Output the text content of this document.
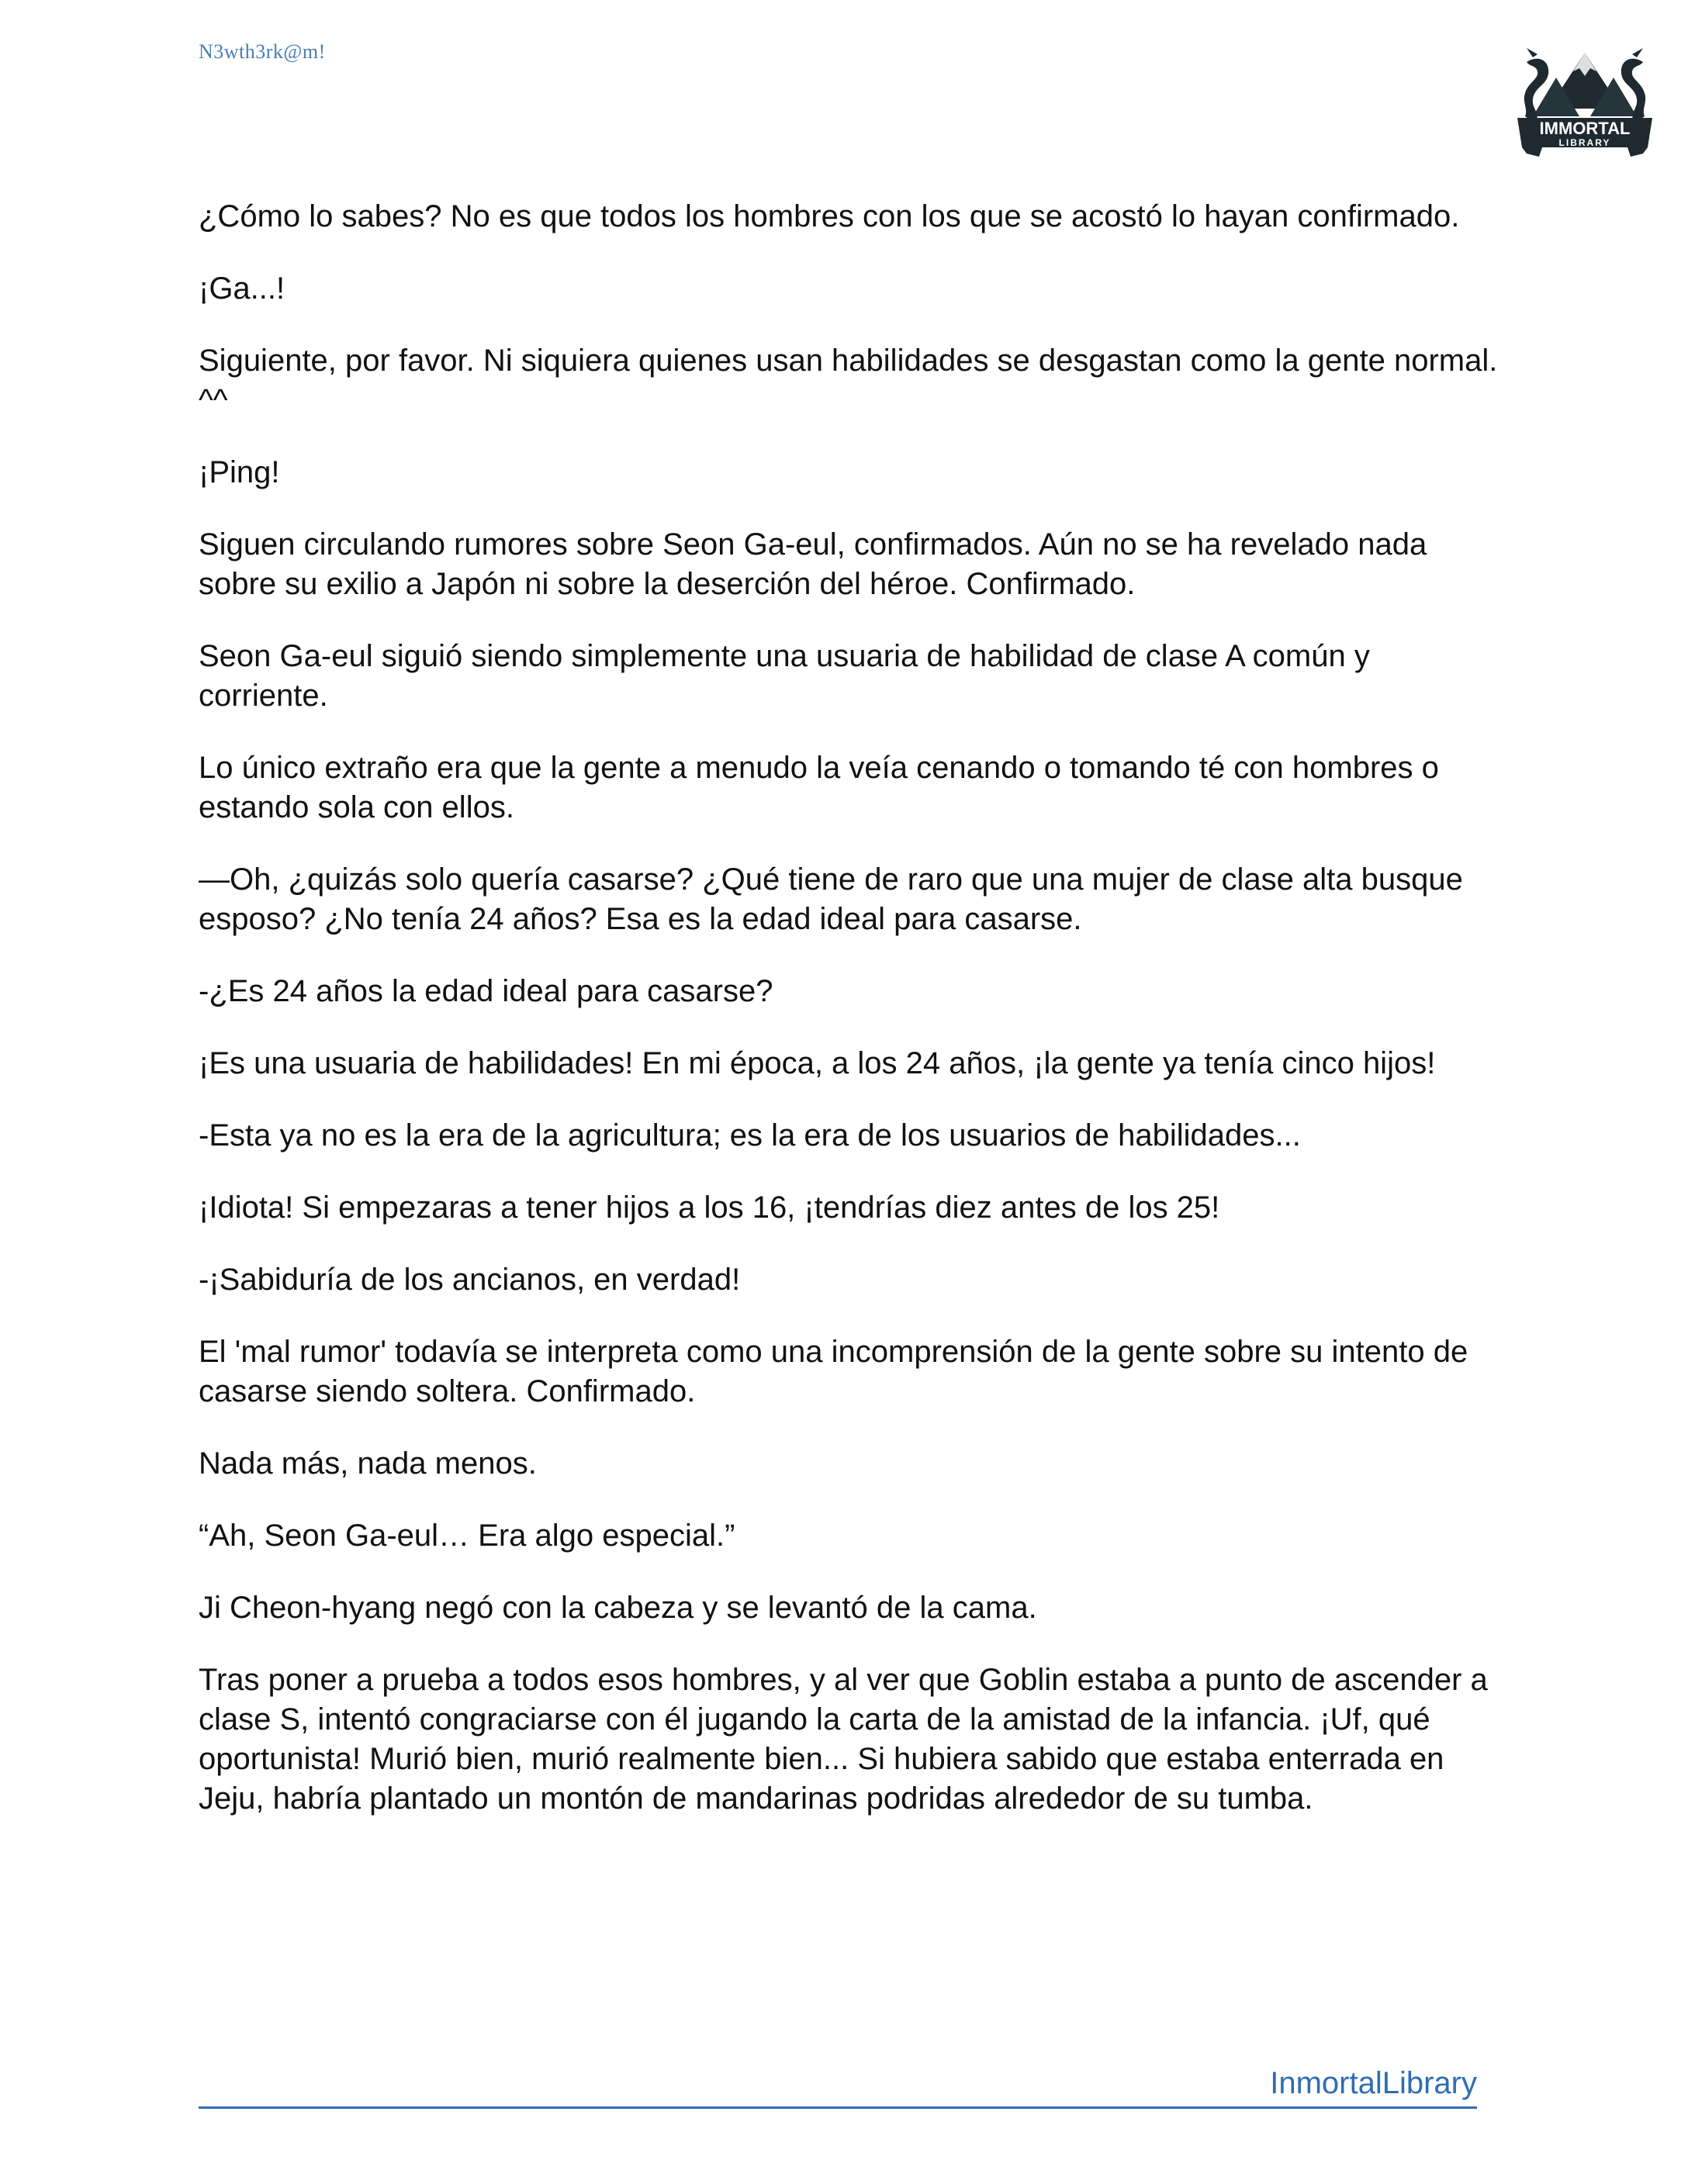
N3wth3rk@m!
IMMORTAL
LIBRARY

¿Cómo lo sabes? No es que todos los hombres con los que se acostó lo hayan confirmado.

¡Ga...!

Siguiente, por favor. Ni siquiera quienes usan habilidades se desgastan como la gente normal. ^^

¡Ping!

Siguen circulando rumores sobre Seon Ga-eul, confirmados. Aún no se ha revelado nada sobre su exilio a Japón ni sobre la deserción del héroe. Confirmado.

Seon Ga-eul siguió siendo simplemente una usuaria de habilidad de clase A común y corriente.

Lo único extraño era que la gente a menudo la veía cenando o tomando té con hombres o estando sola con ellos.

—Oh, ¿quizás solo quería casarse? ¿Qué tiene de raro que una mujer de clase alta busque esposo? ¿No tenía 24 años? Esa es la edad ideal para casarse.

-¿Es 24 años la edad ideal para casarse?

¡Es una usuaria de habilidades! En mi época, a los 24 años, ¡la gente ya tenía cinco hijos!

-Esta ya no es la era de la agricultura; es la era de los usuarios de habilidades...

¡Idiota! Si empezaras a tener hijos a los 16, ¡tendrías diez antes de los 25!

-¡Sabiduría de los ancianos, en verdad!

El 'mal rumor' todavía se interpreta como una incomprensión de la gente sobre su intento de casarse siendo soltera. Confirmado.

Nada más, nada menos.

“Ah, Seon Ga-eul… Era algo especial.”

Ji Cheon-hyang negó con la cabeza y se levantó de la cama.

Tras poner a prueba a todos esos hombres, y al ver que Goblin estaba a punto de ascender a clase S, intentó congraciarse con él jugando la carta de la amistad de la infancia. ¡Uf, qué oportunista! Murió bien, murió realmente bien... Si hubiera sabido que estaba enterrada en Jeju, habría plantado un montón de mandarinas podridas alrededor de su tumba.

InmortalLibrary
